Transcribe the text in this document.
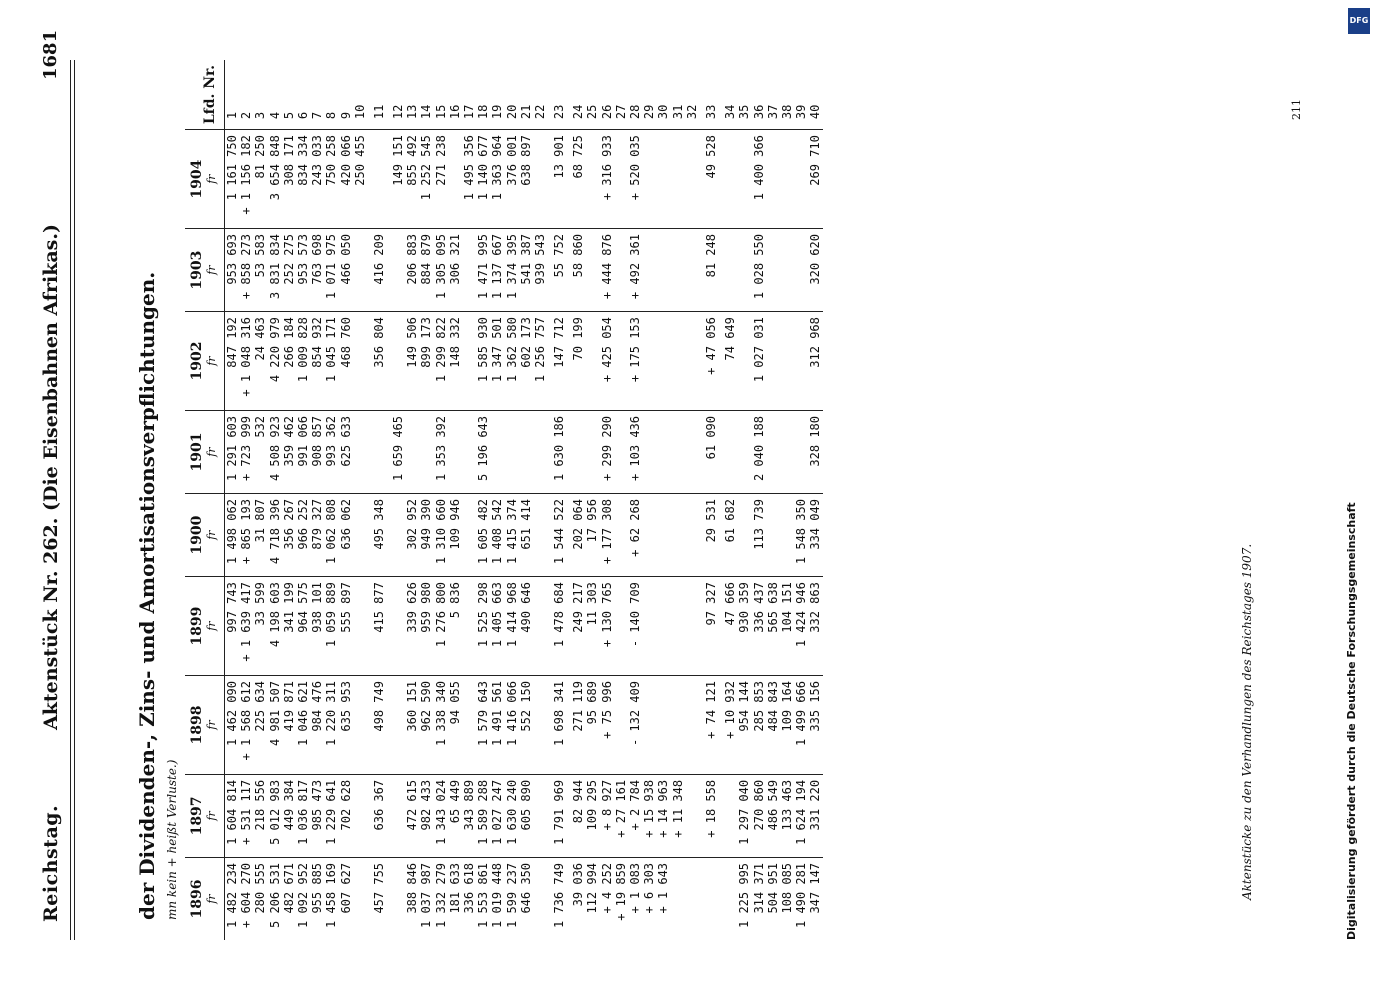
Reichstag.
Aktenstück Nr. 262. (Die Eisenbahnen Afrikas.)
1681
der Dividenden-, Zins- und Amortisationsverpflichtungen. mn kein + heißt Verluste.) 1896 fr	1897 fr	1898 fr	1899 fr	1900 fr	1901 fr	1902 fr	1903 fr	1904 fr	Lfd. Nr.

1 482 234	1 604 814	1 462 090	997 743	1 498 062	1 291 603	847 192	953 693	1 161 750	1
+ 604 270	+ 531 117	+ 1 568 612	+ 1 639 417	+ 865 193	+ 723 999	+ 1 048 316	+ 858 273	+ 1 156 182	2
280 555	218 556	225 634	33 599	31 807	532	24 463	53 583	81 250	3
5 206 531	5 012 983	4 981 507	4 198 603	4 718 396	4 508 923	4 220 979	3 831 834	3 654 848	4
482 671	449 384	419 871	341 199	356 267	359 462	266 184	252 275	308 171	5
1 092 952	1 036 817	1 046 621	964 575	966 252	991 066	1 009 828	953 573	834 334	6
955 885	985 473	984 476	938 101	879 327	908 857	854 932	763 698	243 033	7
1 458 169	1 229 641	1 220 311	1 059 889	1 062 808	993 362	1 045 171	1 071 975	750 258	8
607 627	702 628	635 953	555 897	636 062	625 633	468 760	466 050	420 066	9
								250 455	10
457 755	636 367	498 749	415 877	495 348		356 804	416 209		11
					1 659 465			149 151	12
388 846	472 615	360 151	339 626	302 952		149 506	206 883	855 492	13
1 037 987	982 433	962 590	959 980	949 390		899 173	884 879	1 252 545	14
1 332 279	1 343 024	1 338 340	1 276 800	1 310 660	1 353 392	1 299 822	1 305 095	271 238	15
181 633	65 449	94 055	5 836	109 946		148 332	306 321		16
336 618	343 889							1 495 356	17
1 553 861	1 589 288	1 579 643	1 525 298	1 605 482	5 196 643	1 585 930	1 471 995	1 140 677	18
1 019 448	1 027 247	1 491 561	1 405 663	1 408 542		1 347 501	1 137 667	1 363 964	19
1 599 237	1 630 240	1 416 066	1 414 968	1 415 374		1 362 580	1 374 395	376 001	20
646 350	605 890	552 150	490 646	651 414		602 173	541 387	638 897	21
						1 256 757	939 543		22
1 736 749	1 791 969	1 698 341	1 478 684	1 544 522	1 630 186	147 712	55 752	13 901	23
39 036	82 944	271 119	249 217	202 064		70 199	58 860	68 725	24
112 994	109 295	95 689	11 303	17 956					25
+ 4 252	+ 8 927	+ 75 996	+ 130 765	+ 177 308	+ 299 290	+ 425 054	+ 444 876	+ 316 933	26
+ 19 859	+ 27 161								27
+ 1 083	+ 2 784	- 132 409	- 140 709	+ 62 268	+ 103 436	+ 175 153	+ 492 361	+ 520 035	28
+ 6 303	+ 15 938								29
+ 1 643	+ 14 963								30
	+ 11 348								31
									32
	+ 18 558	+ 74 121	97 327	29 531	61 090	+ 47 056	81 248	49 528	33
		+ 10 932	47 666	61 682		74 649			34
1 225 995	1 297 040	954 144	930 359						35
314 371	270 860	285 853	336 437	113 739	2 040 188	1 027 031	1 028 550	1 400 366	36
504 951	486 549	484 843	565 638						37
108 085	133 463	109 164	104 151						38
1 490 281	1 624 194	1 499 666	1 424 946	1 548 350					39
347 147	331 220	335 156	332 863	334 049	328 180	312 968	320 620	269 710	40
Aktenstücke zu den Verhandlungen des Reichstages 1907.
211
Digitalisierung gefördert durch die Deutsche Forschungsgemeinschaft
DFG
